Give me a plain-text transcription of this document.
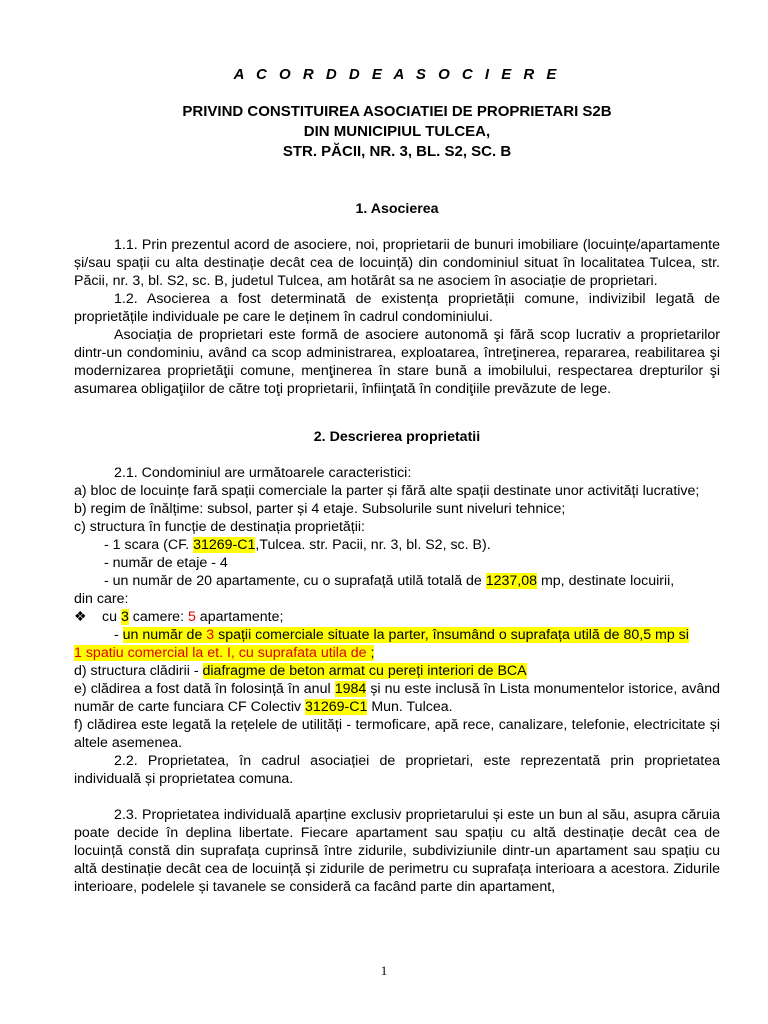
A C O R D D E A S O C I E R E
PRIVIND CONSTITUIREA ASOCIATIEI DE PROPRIETARI S2B
DIN MUNICIPIUL TULCEA,
STR. PĂCII, NR. 3, BL. S2, SC. B
1. Asocierea

1.1. Prin prezentul acord de asociere, noi, proprietarii de bunuri imobiliare (locuințe/apartamente și/sau spații cu alta destinație decât cea de locuință) din condominiul situat în localitatea Tulcea, str. Păcii, nr. 3, bl. S2, sc. B, judetul Tulcea, am hotărât sa ne asociem în asociație de proprietari.

1.2. Asocierea a fost determinată de existența proprietății comune, indivizibil legată de proprietățile individuale pe care le deținem în cadrul condominiului.

Asociația de proprietari este formă de asociere autonomă şi fără scop lucrativ a proprietarilor dintr-un condominiu, având ca scop administrarea, exploatarea, întreţinerea, repararea, reabilitarea şi modernizarea proprietăţii comune, menţinerea în stare bună a imobilului, respectarea drepturilor şi asumarea obligaţiilor de către toţi proprietarii, înfiinţată în condiţiile prevăzute de lege.

2. Descrierea proprietatii

2.1. Condominiul are următoarele caracteristici:

a) bloc de locuințe fară spații comerciale la parter și fără alte spații destinate unor activități lucrative;

b) regim de înălțime: subsol, parter și 4 etaje. Subsolurile sunt niveluri tehnice;

c) structura în funcție de destinația proprietății:

- 1 scara (CF. 31269-C1,Tulcea. str. Pacii, nr. 3, bl. S2, sc. B).

- număr de etaje - 4

- un număr de 20 apartamente, cu o suprafață utilă totală de 1237,08 mp, destinate locuirii,

din care:

❖ cu 3 camere: 5 apartamente;

- un număr de 3 spații comerciale situate la parter, însumând o suprafața utilă de 80,5 mp si

1 spatiu comercial la et. I, cu suprafata utila de ;

d) structura clădirii - diafragme de beton armat cu pereți interiori de BCA

e) clădirea a fost dată în folosință în anul 1984 și nu este inclusă în Lista monumentelor istorice, având număr de carte funciara CF Colectiv 31269-C1 Mun. Tulcea.

f) clădirea este legată la rețelele de utilități - termoficare, apă rece, canalizare, telefonie, electricitate și altele asemenea.

2.2. Proprietatea, în cadrul asociației de proprietari, este reprezentată prin proprietatea individuală și proprietatea comuna.

2.3. Proprietatea individuală aparține exclusiv proprietarului și este un bun al său, asupra căruia poate decide în deplina libertate. Fiecare apartament sau spațiu cu altă destinație decât cea de locuință constă din suprafața cuprinsă între zidurile, subdiviziunile dintr-un apartament sau spațiu cu altă destinație decât cea de locuință și zidurile de perimetru cu suprafața interioara a acestora. Zidurile interioare, podelele și tavanele se consideră ca facând parte din apartament,

1
